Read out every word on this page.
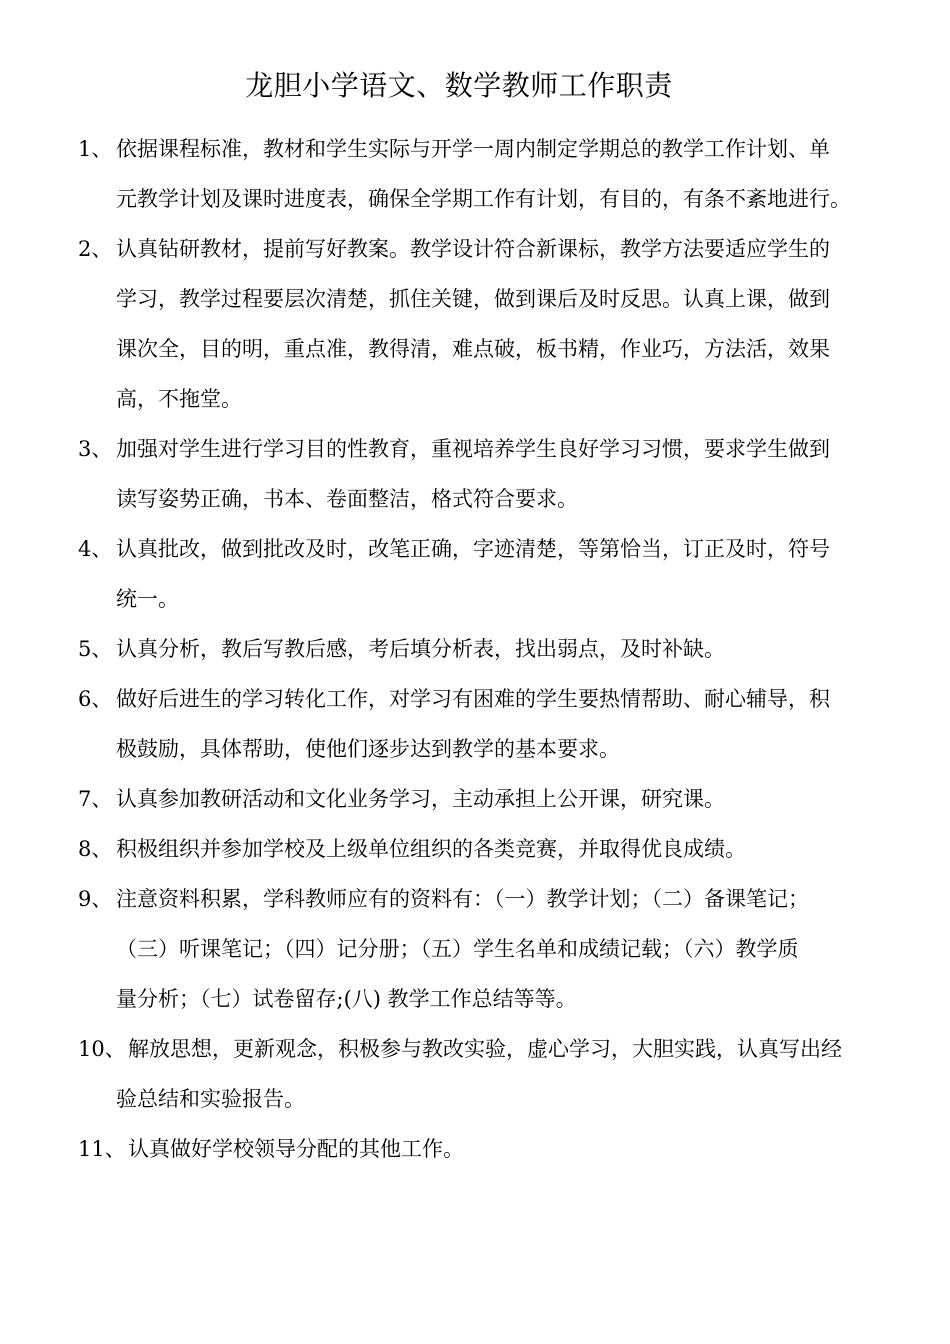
龙胆小学语文、数学教师工作职责
1、 依据课程标准，教材和学生实际与开学一周内制定学期总的教学工作计划、单
元教学计划及课时进度表，确保全学期工作有计划，有目的，有条不紊地进行。
2、 认真钻研教材，提前写好教案。教学设计符合新课标，教学方法要适应学生的
学习，教学过程要层次清楚，抓住关键，做到课后及时反思。认真上课，做到
课次全，目的明，重点准，教得清，难点破，板书精，作业巧，方法活，效果
高，不拖堂。
3、 加强对学生进行学习目的性教育，重视培养学生良好学习习惯，要求学生做到
读写姿势正确，书本、卷面整洁，格式符合要求。
4、 认真批改，做到批改及时，改笔正确，字迹清楚，等第恰当，订正及时，符号
统一。
5、 认真分析，教后写教后感，考后填分析表，找出弱点，及时补缺。
6、 做好后进生的学习转化工作，对学习有困难的学生要热情帮助、耐心辅导，积
极鼓励，具体帮助，使他们逐步达到教学的基本要求。
7、 认真参加教研活动和文化业务学习，主动承担上公开课，研究课。
8、 积极组织并参加学校及上级单位组织的各类竞赛，并取得优良成绩。
9、 注意资料积累，学科教师应有的资料有：（一）教学计划；（二）备课笔记；
（三）听课笔记；（四）记分册；（五）学生名单和成绩记载；（六）教学质
量分析；（七）试卷留存;(八) 教学工作总结等等。
10、 解放思想，更新观念，积极参与教改实验，虚心学习，大胆实践，认真写出经
验总结和实验报告。
11、 认真做好学校领导分配的其他工作。
